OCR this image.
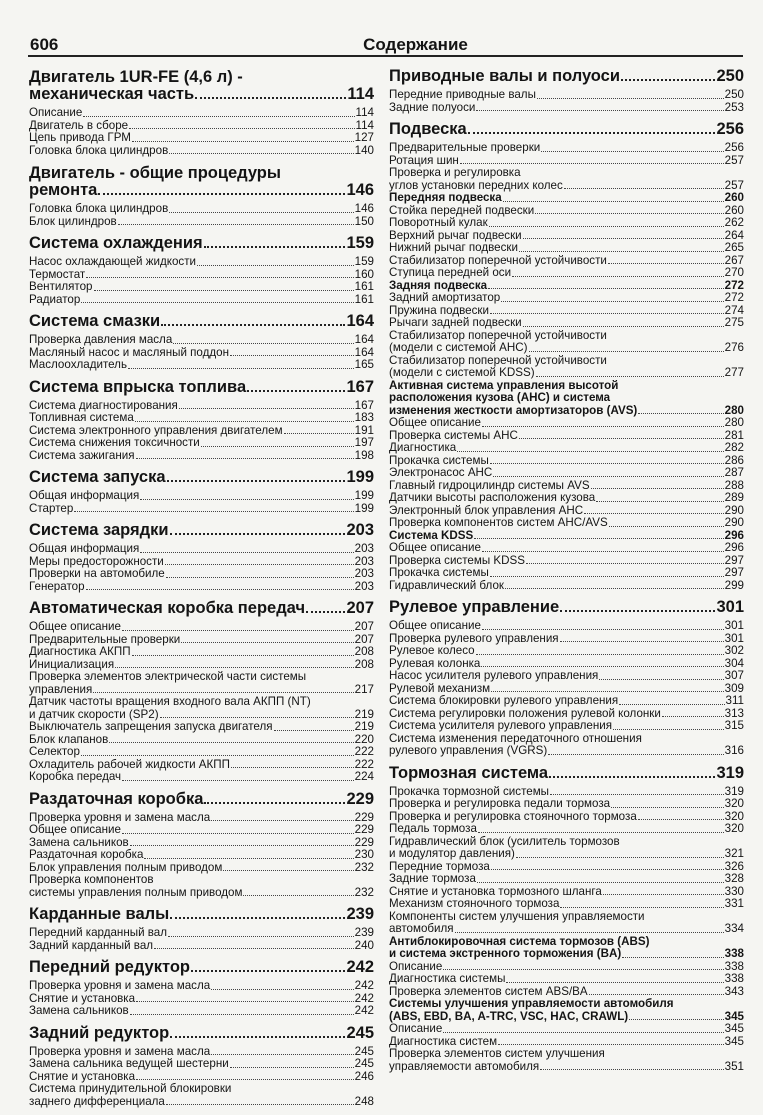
606	Содержание
Двигатель 1UR-FE (4,6 л) -
механическая часть	114
Описание	114
Двигатель в сборе	114
Цепь привода ГРМ	127
Головка блока цилиндров	140
Двигатель - общие процедуры
ремонта	146
Головка блока цилиндров	146
Блок цилиндров	150
Система охлаждения	159
Насос охлаждающей жидкости	159
Термостат	160
Вентилятор	161
Радиатор	161
Система смазки	164
Проверка давления масла	164
Масляный насос и масляный поддон	164
Маслоохладитель	165
Система впрыска топлива	167
Система диагностирования	167
Топливная система	183
Система электронного управления двигателем	191
Система снижения токсичности	197
Система зажигания	198
Система запуска	199
Общая информация	199
Стартер	199
Система зарядки	203
Общая информация	203
Меры предосторожности	203
Проверки на автомобиле	203
Генератор	203
Автоматическая коробка передач	207
Общее описание	207
Предварительные проверки	207
Диагностика АКПП	208
Инициализация	208
Проверка элементов электрической части системы
управления	217
Датчик частоты вращения входного вала АКПП (NT)
и датчик скорости (SP2)	219
Выключатель запрещения запуска двигателя	219
Блок клапанов	220
Селектор	222
Охладитель рабочей жидкости АКПП	222
Коробка передач	224
Раздаточная коробка	229
Проверка уровня и замена масла	229
Общее описание	229
Замена сальников	229
Раздаточная коробка	230
Блок управления полным приводом	232
Проверка компонентов
системы управления полным приводом	232
Карданные валы	239
Передний карданный вал	239
Задний карданный вал	240
Передний редуктор	242
Проверка уровня и замена масла	242
Снятие и установка	242
Замена сальников	242
Задний редуктор	245
Проверка уровня и замена масла	245
Замена сальника ведущей шестерни	245
Снятие и установка	246
Система принудительной блокировки
заднего дифференциала	248
Приводные валы и полуоси	250
Передние приводные валы	250
Задние полуоси	253
Подвеска	256
Предварительные проверки	256
Ротация шин	257
Проверка и регулировка
углов установки передних колес	257
Передняя подвеска	260
Стойка передней подвески	260
Поворотный кулак	262
Верхний рычаг подвески	264
Нижний рычаг подвески	265
Стабилизатор поперечной устойчивости	267
Ступица передней оси	270
Задняя подвеска	272
Задний амортизатор	272
Пружина подвески	274
Рычаги задней подвески	275
Стабилизатор поперечной устойчивости
(модели с системой АНС)	276
Стабилизатор поперечной устойчивости
(модели с системой KDSS)	277
Активная система управления высотой
расположения кузова (АНС) и система
изменения жесткости амортизаторов (AVS)	280
Общее описание	280
Проверка системы АНС	281
Диагностика	282
Прокачка системы	286
Электронасос АНС	287
Главный гидроцилиндр системы AVS	288
Датчики высоты расположения кузова	289
Электронный блок управления АНС	290
Проверка компонентов систем АНС/AVS	290
Система KDSS	296
Общее описание	296
Проверка системы KDSS	297
Прокачка системы	297
Гидравлический блок	299
Рулевое управление	301
Общее описание	301
Проверка рулевого управления	301
Рулевое колесо	302
Рулевая колонка	304
Насос усилителя рулевого управления	307
Рулевой механизм	309
Система блокировки рулевого управления	311
Система регулировки положения рулевой колонки	313
Система усилителя рулевого управления	315
Система изменения передаточного отношения
рулевого управления (VGRS)	316
Тормозная система	319
Прокачка тормозной системы	319
Проверка и регулировка педали тормоза	320
Проверка и регулировка стояночного тормоза	320
Педаль тормоза	320
Гидравлический блок (усилитель тормозов
и модулятор давления)	321
Передние тормоза	326
Задние тормоза	328
Снятие и установка тормозного шланга	330
Механизм стояночного тормоза	331
Компоненты систем улучшения управляемости
автомобиля	334
Антиблокировочная система тормозов (ABS)
и система экстренного торможения (BA)	338
Описание	338
Диагностика системы	338
Проверка элементов систем ABS/BA	343
Системы улучшения управляемости автомобиля
(ABS, EBD, BA, A-TRC, VSC, HAC, CRAWL)	345
Описание	345
Диагностика систем	345
Проверка элементов систем улучшения
управляемости автомобиля	351
